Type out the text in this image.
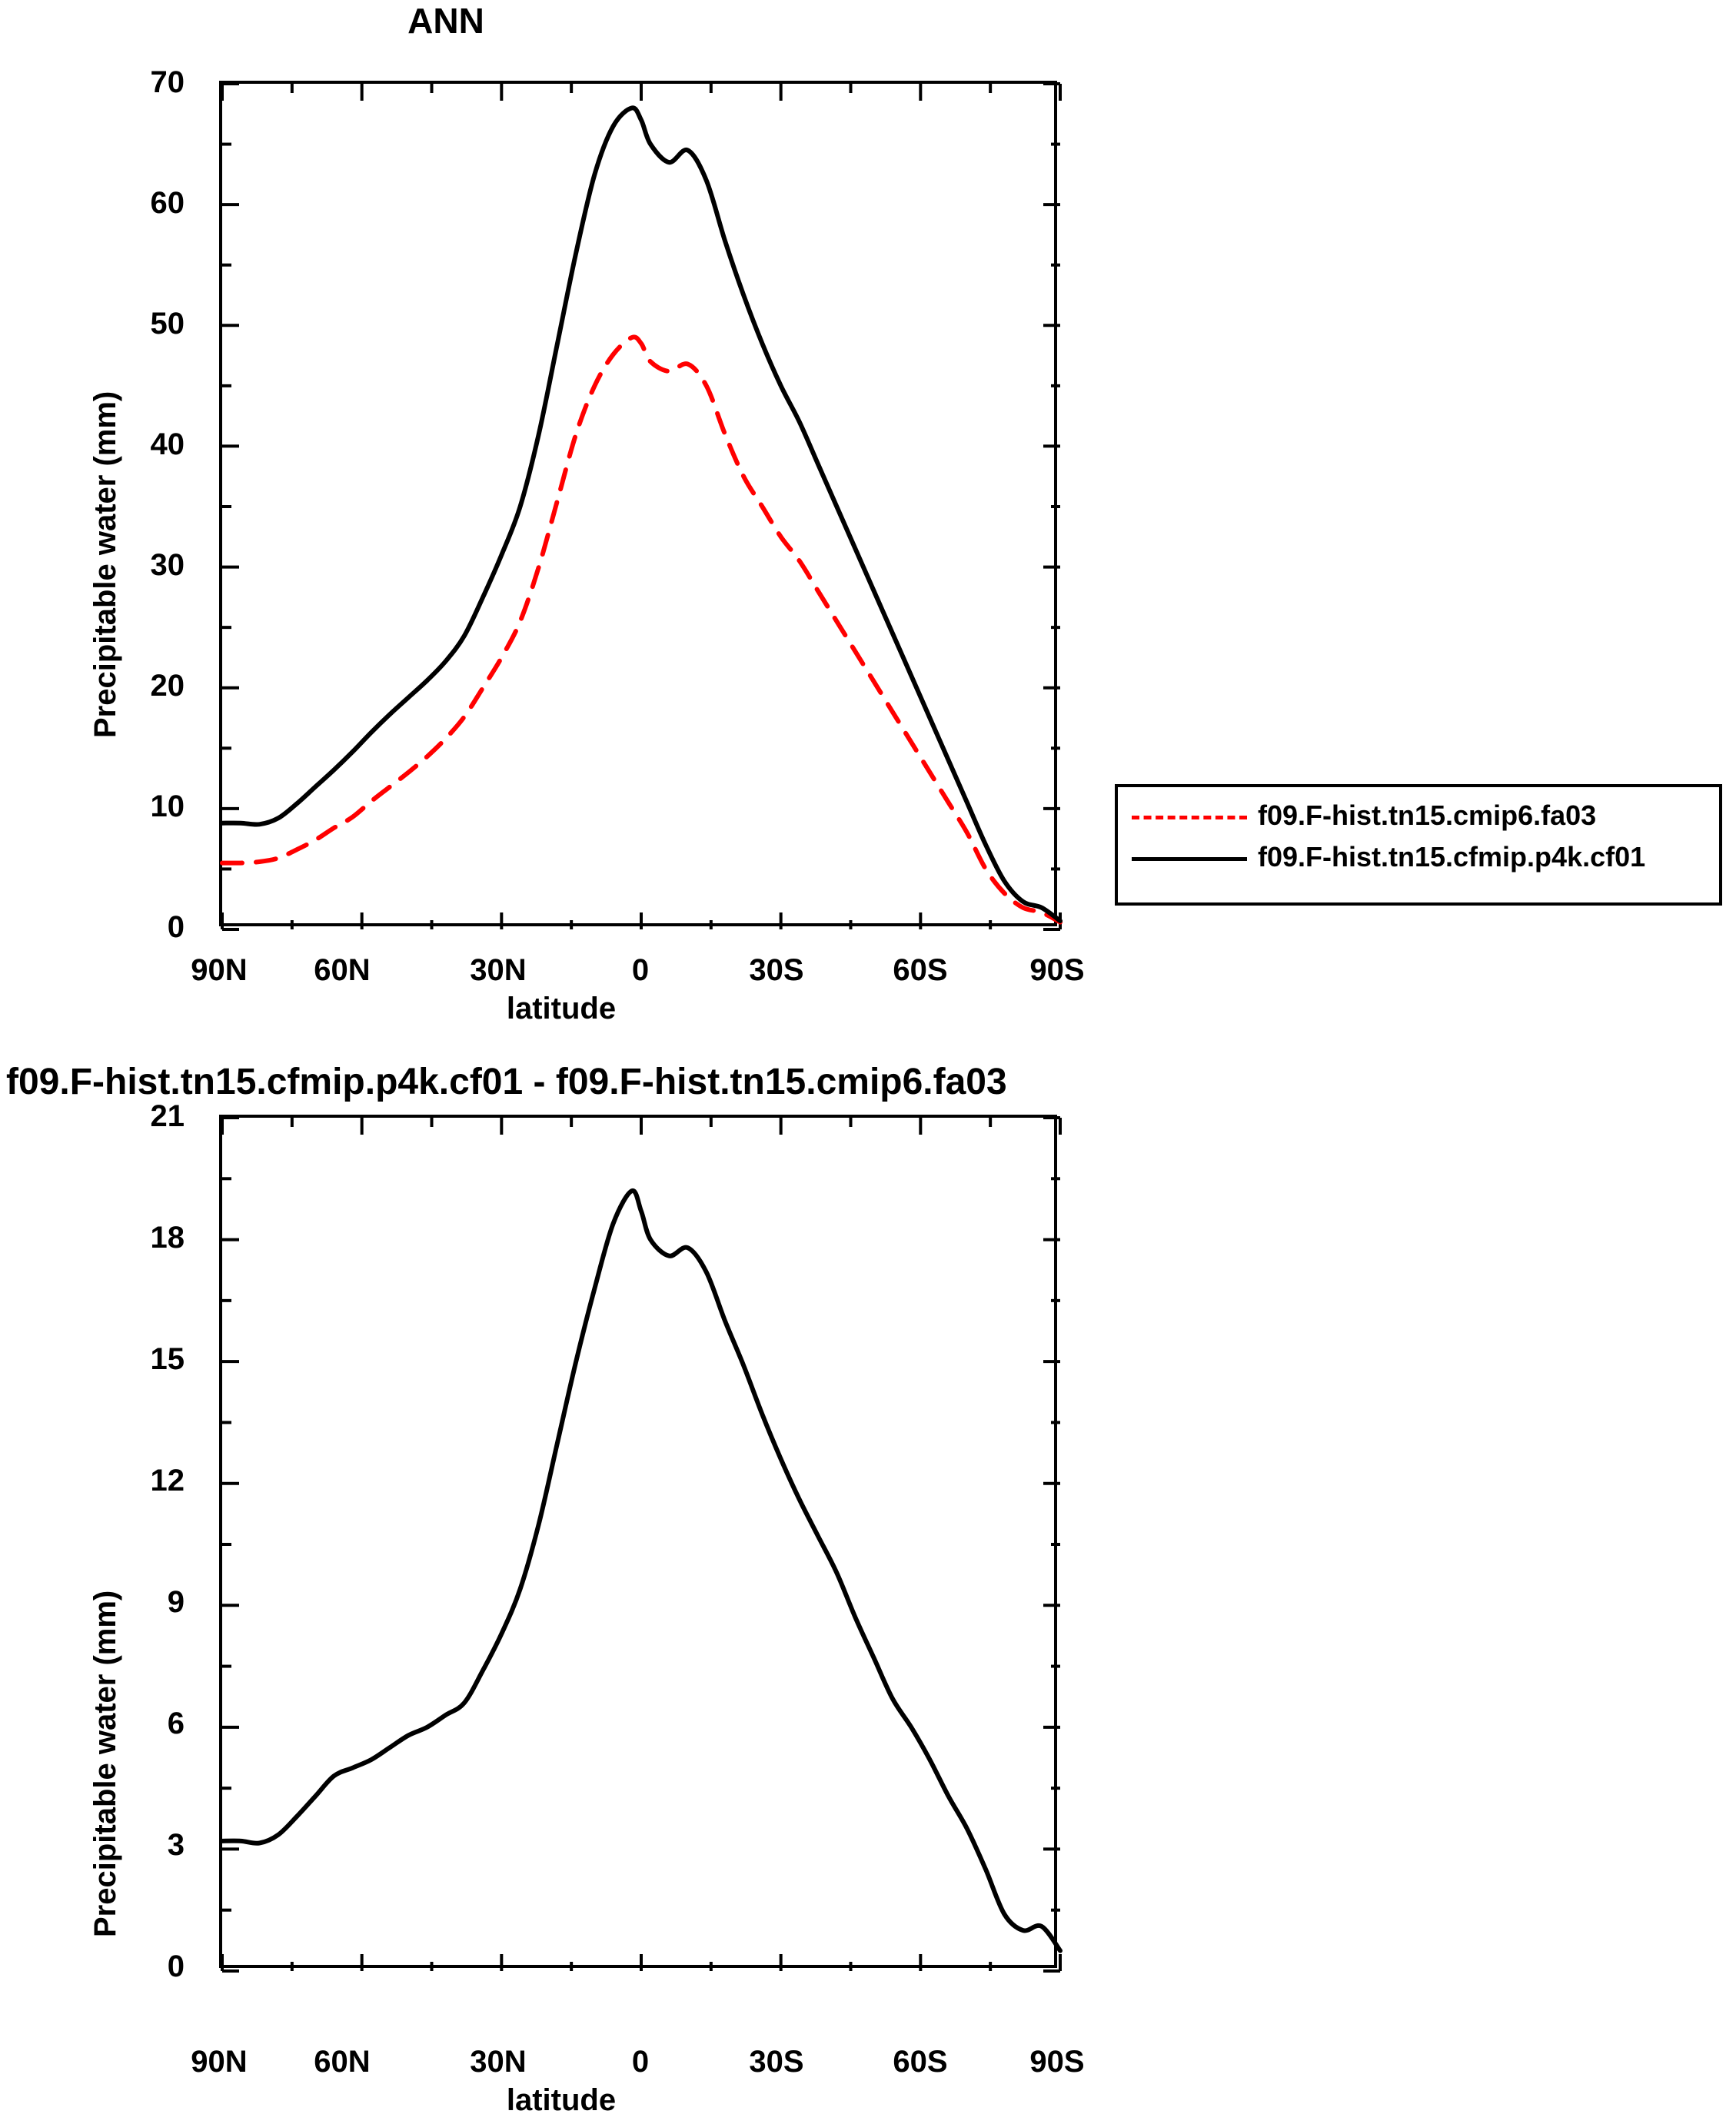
ANN
Precipitable water (mm)
latitude
70
60
50
40
30
20
10
0
90N	60N	30N	0	30S	60S	90S
f09.F-hist.tn15.cmip6.fa03
f09.F-hist.tn15.cfmip.p4k.cf01
f09.F-hist.tn15.cfmip.p4k.cf01 - f09.F-hist.tn15.cmip6.fa03
Precipitable water (mm)
latitude
21
18
15
12
9
6
3
0
90N	60N	30N	0	30S	60S	90S
